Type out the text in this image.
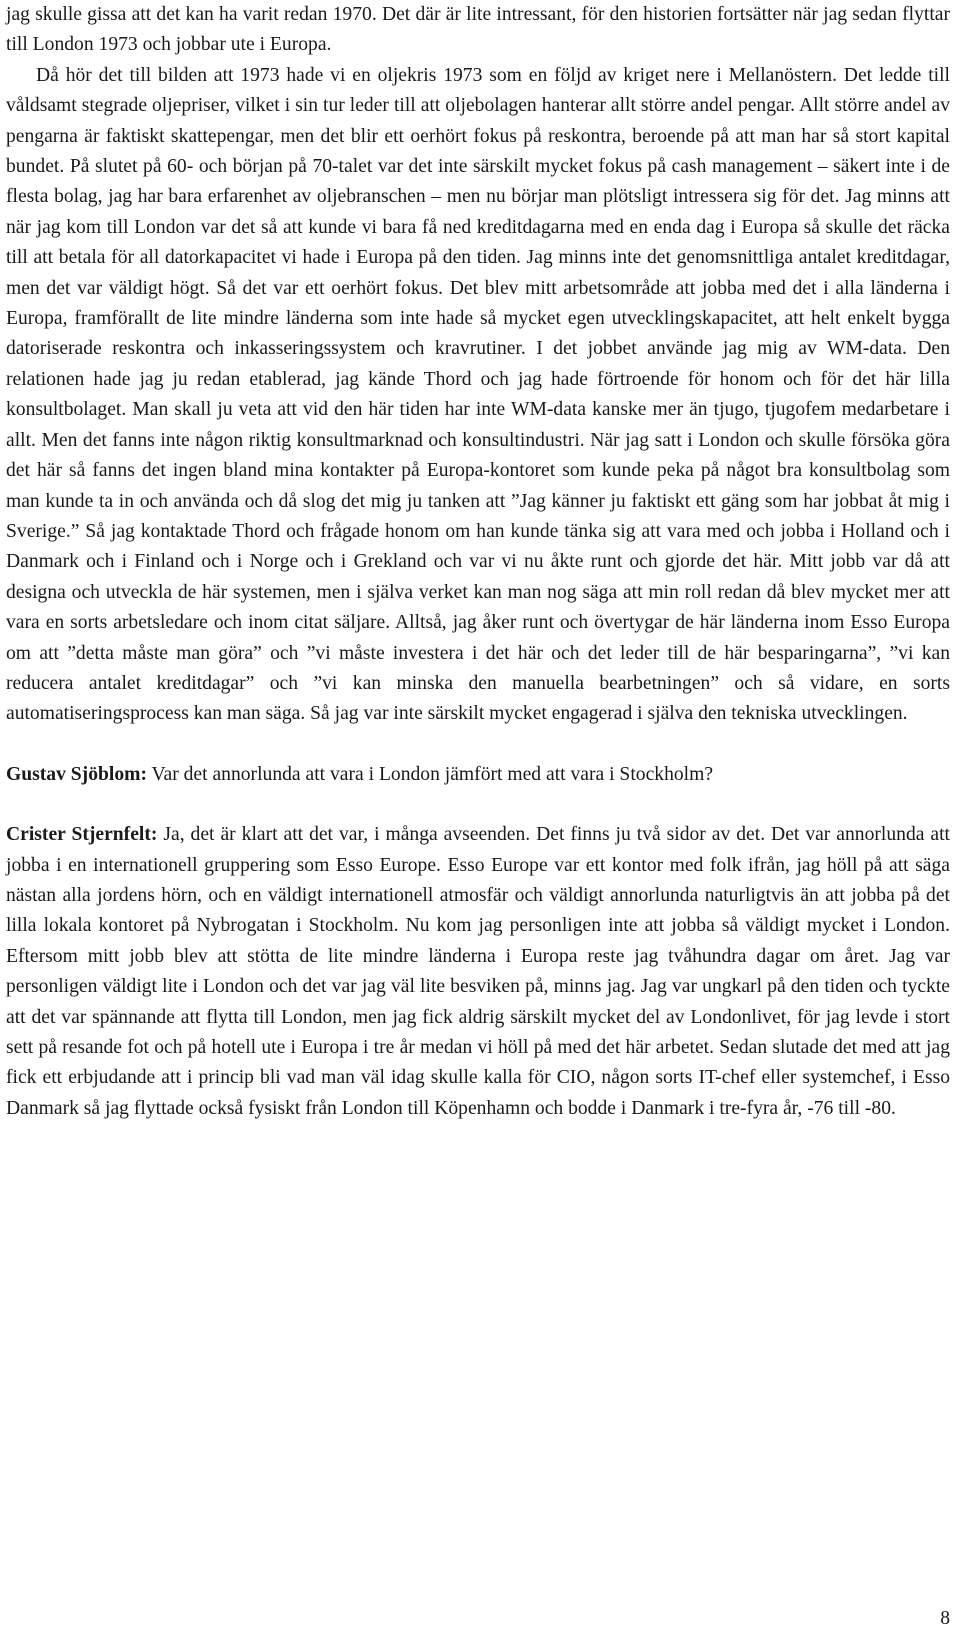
jag skulle gissa att det kan ha varit redan 1970. Det där är lite intressant, för den historien fortsätter när jag sedan flyttar till London 1973 och jobbar ute i Europa.

Då hör det till bilden att 1973 hade vi en oljekris 1973 som en följd av kriget nere i Mellanöstern. Det ledde till våldsamt stegrade oljepriser, vilket i sin tur leder till att oljebolagen hanterar allt större andel pengar. Allt större andel av pengarna är faktiskt skattepengar, men det blir ett oerhört fokus på reskontra, beroende på att man har så stort kapital bundet. På slutet på 60- och början på 70-talet var det inte särskilt mycket fokus på cash management – säkert inte i de flesta bolag, jag har bara erfarenhet av oljebranschen – men nu börjar man plötsligt intressera sig för det. Jag minns att när jag kom till London var det så att kunde vi bara få ned kreditdagarna med en enda dag i Europa så skulle det räcka till att betala för all datorkapacitet vi hade i Europa på den tiden. Jag minns inte det genomsnittliga antalet kreditdagar, men det var väldigt högt. Så det var ett oerhört fokus. Det blev mitt arbetsområde att jobba med det i alla länderna i Europa, framförallt de lite mindre länderna som inte hade så mycket egen utvecklingskapacitet, att helt enkelt bygga datoriserade reskontra och inkasseringssystem och kravrutiner. I det jobbet använde jag mig av WM-data. Den relationen hade jag ju redan etablerad, jag kände Thord och jag hade förtroende för honom och för det här lilla konsultbolaget. Man skall ju veta att vid den här tiden har inte WM-data kanske mer än tjugo, tjugofem medarbetare i allt. Men det fanns inte någon riktig konsultmarknad och konsultindustri. När jag satt i London och skulle försöka göra det här så fanns det ingen bland mina kontakter på Europa-kontoret som kunde peka på något bra konsultbolag som man kunde ta in och använda och då slog det mig ju tanken att ”Jag känner ju faktiskt ett gäng som har jobbat åt mig i Sverige.” Så jag kontaktade Thord och frågade honom om han kunde tänka sig att vara med och jobba i Holland och i Danmark och i Finland och i Norge och i Grekland och var vi nu åkte runt och gjorde det här. Mitt jobb var då att designa och utveckla de här systemen, men i själva verket kan man nog säga att min roll redan då blev mycket mer att vara en sorts arbetsledare och inom citat säljare. Alltså, jag åker runt och övertygar de här länderna inom Esso Europa om att ”detta måste man göra” och ”vi måste investera i det här och det leder till de här besparingarna”, ”vi kan reducera antalet kreditdagar” och ”vi kan minska den manuella bearbetningen” och så vidare, en sorts automatiseringsprocess kan man säga. Så jag var inte särskilt mycket engagerad i själva den tekniska utvecklingen.

Gustav Sjöblom: Var det annorlunda att vara i London jämfört med att vara i Stockholm?

Crister Stjernfelt: Ja, det är klart att det var, i många avseenden. Det finns ju två sidor av det. Det var annorlunda att jobba i en internationell gruppering som Esso Europe. Esso Europe var ett kontor med folk ifrån, jag höll på att säga nästan alla jordens hörn, och en väldigt internationell atmosfär och väldigt annorlunda naturligtvis än att jobba på det lilla lokala kontoret på Nybrogatan i Stockholm. Nu kom jag personligen inte att jobba så väldigt mycket i London. Eftersom mitt jobb blev att stötta de lite mindre länderna i Europa reste jag tvåhundra dagar om året. Jag var personligen väldigt lite i London och det var jag väl lite besviken på, minns jag. Jag var ungkarl på den tiden och tyckte att det var spännande att flytta till London, men jag fick aldrig särskilt mycket del av Londonlivet, för jag levde i stort sett på resande fot och på hotell ute i Europa i tre år medan vi höll på med det här arbetet. Sedan slutade det med att jag fick ett erbjudande att i princip bli vad man väl idag skulle kalla för CIO, någon sorts IT-chef eller systemchef, i Esso Danmark så jag flyttade också fysiskt från London till Köpenhamn och bodde i Danmark i tre-fyra år, -76 till -80.

8
